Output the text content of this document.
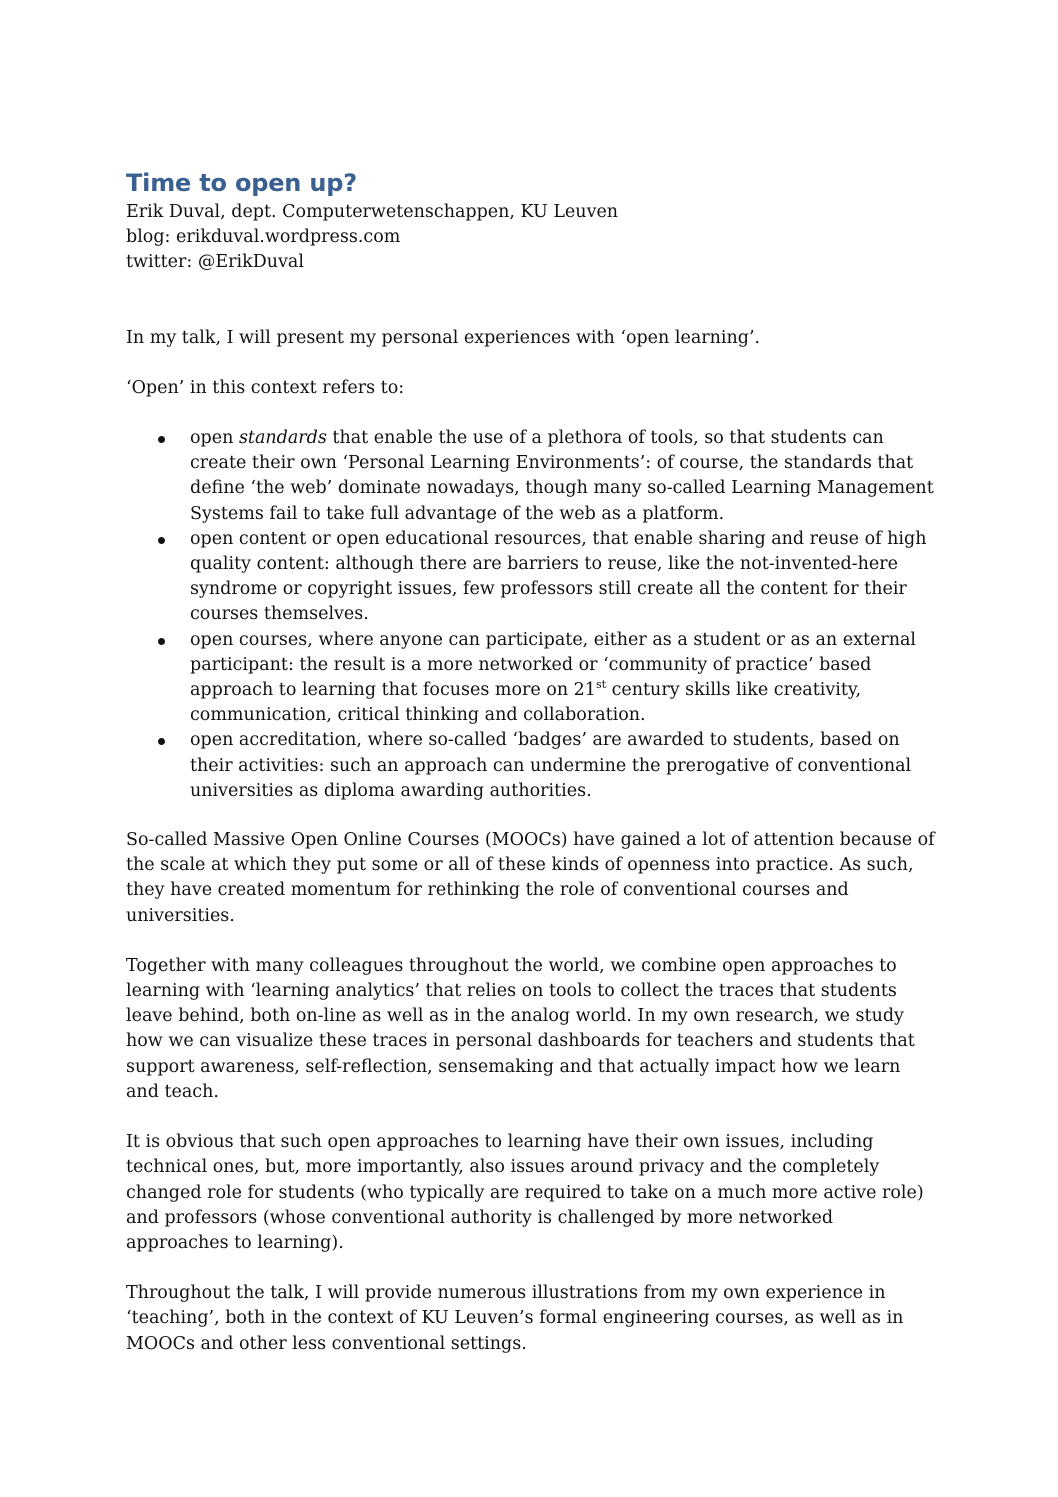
Time to open up?

Erik Duval, dept. Computerwetenschappen, KU Leuven

blog: erikduval.wordpress.com

twitter: @ErikDuval

In my talk, I will present my personal experiences with ‘open learning’.

‘Open’ in this context refers to:

open standards that enable the use of a plethora of tools, so that students can create their own ‘Personal Learning Environments’: of course, the standards that define ‘the web’ dominate nowadays, though many so-called Learning Management Systems fail to take full advantage of the web as a platform.
open content or open educational resources, that enable sharing and reuse of high quality content: although there are barriers to reuse, like the not-invented-here syndrome or copyright issues, few professors still create all the content for their courses themselves.
open courses, where anyone can participate, either as a student or as an external participant: the result is a more networked or ‘community of practice’ based approach to learning that focuses more on 21st century skills like creativity, communication, critical thinking and collaboration.
open accreditation, where so-called ‘badges’ are awarded to students, based on their activities: such an approach can undermine the prerogative of conventional universities as diploma awarding authorities.

So-called Massive Open Online Courses (MOOCs) have gained a lot of attention because of the scale at which they put some or all of these kinds of openness into practice. As such, they have created momentum for rethinking the role of conventional courses and universities.

Together with many colleagues throughout the world, we combine open approaches to learning with ‘learning analytics’ that relies on tools to collect the traces that students leave behind, both on-line as well as in the analog world. In my own research, we study how we can visualize these traces in personal dashboards for teachers and students that support awareness, self-reflection, sensemaking and that actually impact how we learn and teach.

It is obvious that such open approaches to learning have their own issues, including technical ones, but, more importantly, also issues around privacy and the completely changed role for students (who typically are required to take on a much more active role) and professors (whose conventional authority is challenged by more networked approaches to learning).

Throughout the talk, I will provide numerous illustrations from my own experience in ‘teaching’, both in the context of KU Leuven’s formal engineering courses, as well as in MOOCs and other less conventional settings.
